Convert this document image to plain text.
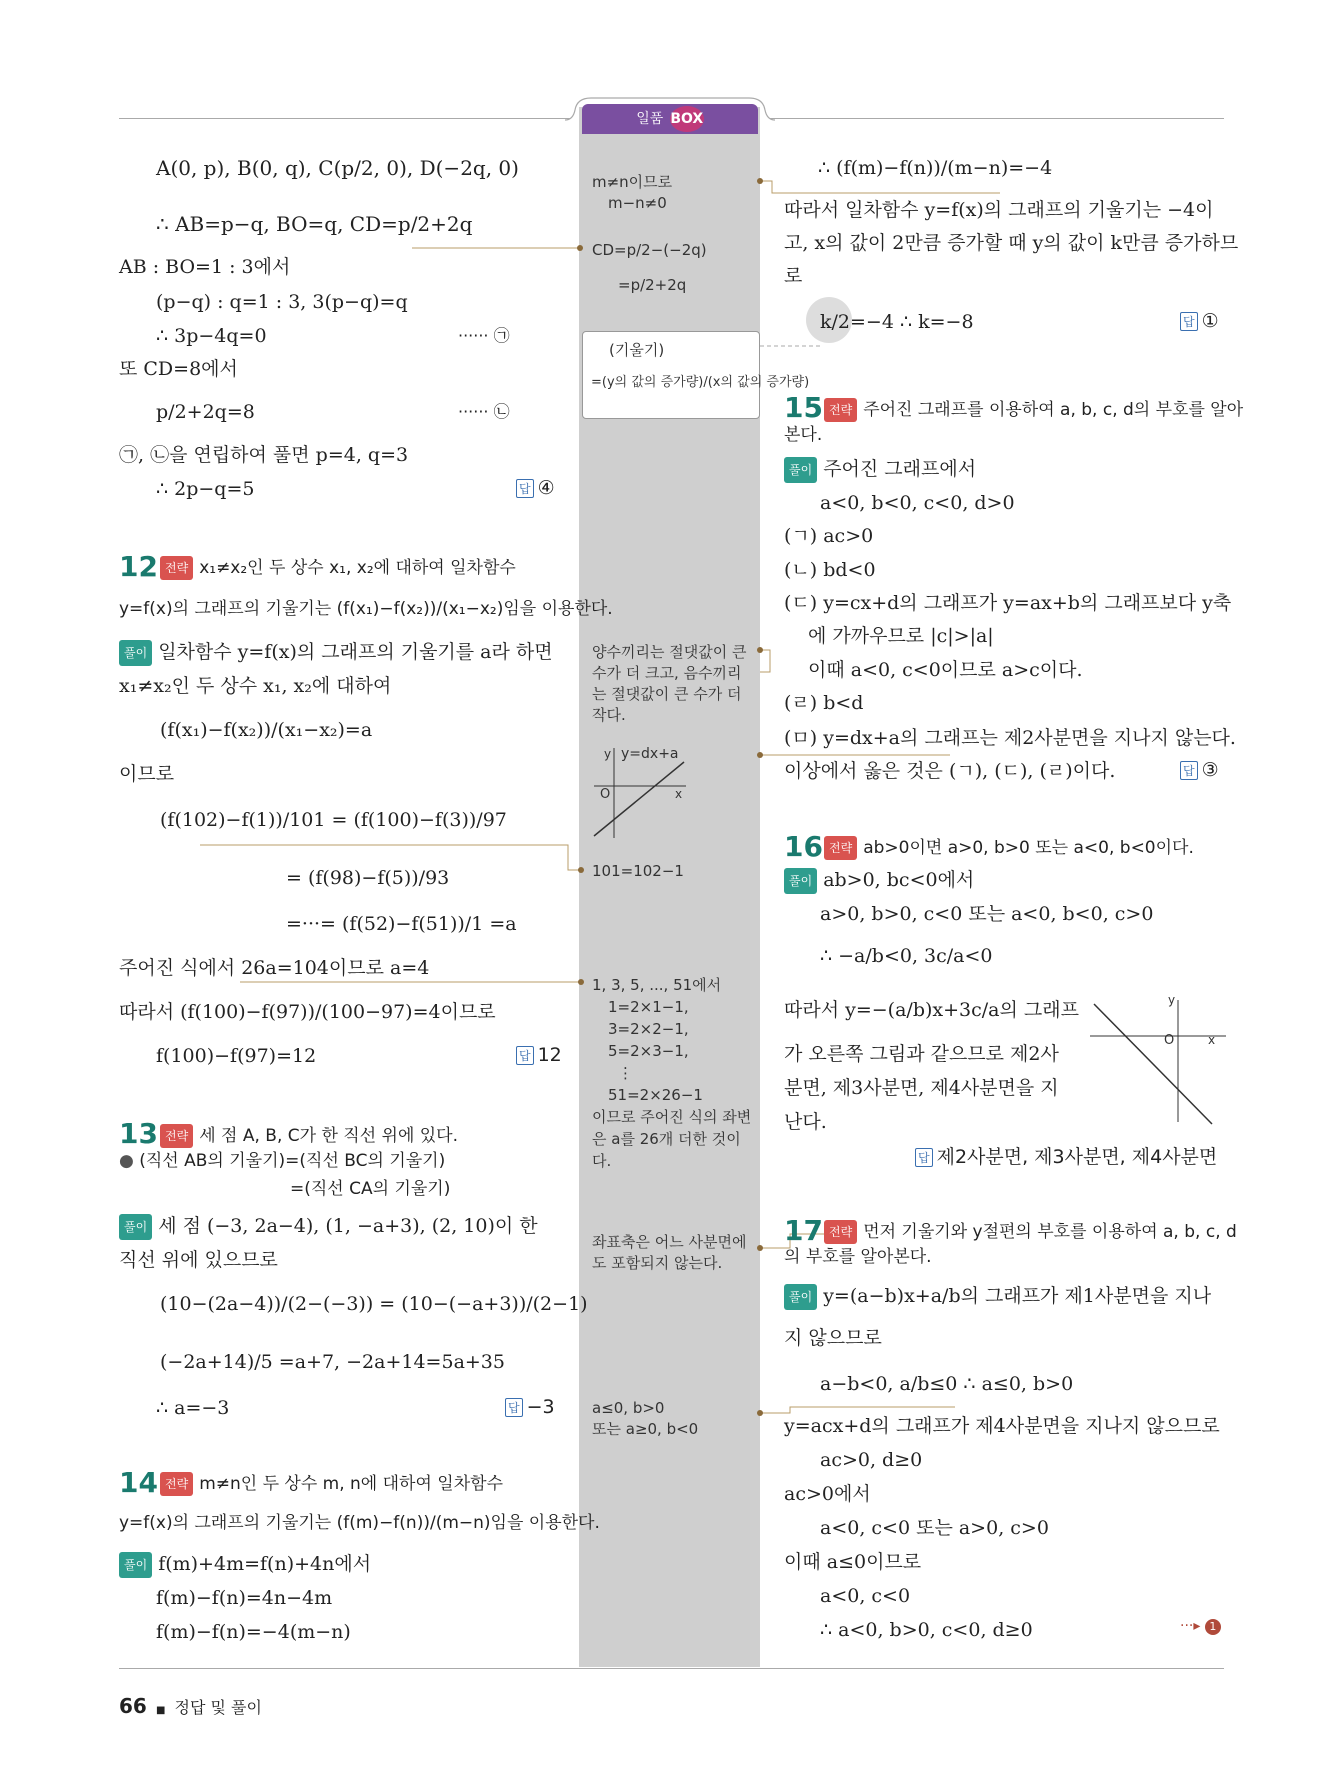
일품 BOX
A(0, p), B(0, q), C(p/2, 0), D(−2q, 0)
∴ AB=p−q, BO=q, CD=p/2+2q
AB : BO=1 : 3에서
(p−q) : q=1 : 3, 3(p−q)=q
∴ 3p−4q=0	······ ㉠
또 CD=8에서
p/2+2q=8	······ ㉡
㉠, ㉡을 연립하여 풀면 p=4, q=3
∴ 2p−q=5	답 ④
12 전략 x₁≠x₂인 두 상수 x₁, x₂에 대하여 일차함수
y=f(x)의 그래프의 기울기는 (f(x₁)−f(x₂))/(x₁−x₂)임을 이용한다.
풀이 일차함수 y=f(x)의 그래프의 기울기를 a라 하면
x₁≠x₂인 두 상수 x₁, x₂에 대하여
(f(x₁)−f(x₂))/(x₁−x₂)=a
이므로
(f(102)−f(1))/101 = (f(100)−f(3))/97
= (f(98)−f(5))/93
=···= (f(52)−f(51))/1 =a
주어진 식에서 26a=104이므로 a=4
따라서 (f(100)−f(97))/(100−97)=4이므로
f(100)−f(97)=12	답 12
13 전략 세 점 A, B, C가 한 직선 위에 있다.
● (직선 AB의 기울기)=(직선 BC의 기울기)
=(직선 CA의 기울기)
풀이 세 점 (−3, 2a−4), (1, −a+3), (2, 10)이 한
직선 위에 있으므로
(10−(2a−4))/(2−(−3)) = (10−(−a+3))/(2−1)
(−2a+14)/5 =a+7, −2a+14=5a+35
∴ a=−3	답 −3
14 전략 m≠n인 두 상수 m, n에 대하여 일차함수
y=f(x)의 그래프의 기울기는 (f(m)−f(n))/(m−n)임을 이용한다.
풀이 f(m)+4m=f(n)+4n에서
f(m)−f(n)=4n−4m
f(m)−f(n)=−4(m−n)
m≠n이므로
m−n≠0
CD=p/2−(−2q)
=p/2+2q
(기울기)
=(y의 값의 증가량)/(x의 값의 증가량)
양수끼리는 절댓값이 큰
수가 더 크고, 음수끼리
는 절댓값이 큰 수가 더
작다.
y y=dx+a
O	x
101=102−1
1, 3, 5, ..., 51에서
1=2×1−1,
3=2×2−1,
5=2×3−1,
⋮
51=2×26−1
이므로 주어진 식의 좌변
은 a를 26개 더한 것이
다.
좌표축은 어느 사분면에
도 포함되지 않는다.
a≤0, b>0
또는 a≥0, b<0
∴ (f(m)−f(n))/(m−n)=−4
따라서 일차함수 y=f(x)의 그래프의 기울기는 −4이
고, x의 값이 2만큼 증가할 때 y의 값이 k만큼 증가하므
로
k/2=−4 ∴ k=−8	답 ①
15 전략 주어진 그래프를 이용하여 a, b, c, d의 부호를 알아
본다.
풀이 주어진 그래프에서
a<0, b<0, c<0, d>0
(ㄱ) ac>0
(ㄴ) bd<0
(ㄷ) y=cx+d의 그래프가 y=ax+b의 그래프보다 y축
에 가까우므로 |c|>|a|
이때 a<0, c<0이므로 a>c이다.
(ㄹ) b<d
(ㅁ) y=dx+a의 그래프는 제2사분면을 지나지 않는다.
이상에서 옳은 것은 (ㄱ), (ㄷ), (ㄹ)이다.	답 ③
16 전략 ab>0이면 a>0, b>0 또는 a<0, b<0이다.
풀이 ab>0, bc<0에서
a>0, b>0, c<0 또는 a<0, b<0, c>0
∴ −a/b<0, 3c/a<0
따라서 y=−(a/b)x+3c/a의 그래프
가 오른쪽 그림과 같으므로 제2사
분면, 제3사분면, 제4사분면을 지
난다.
y
O	x
답 제2사분면, 제3사분면, 제4사분면
17 전략 먼저 기울기와 y절편의 부호를 이용하여 a, b, c, d
의 부호를 알아본다.
풀이 y=(a−b)x+a/b의 그래프가 제1사분면을 지나
지 않으므로
a−b<0, a/b≤0 ∴ a≤0, b>0
y=acx+d의 그래프가 제4사분면을 지나지 않으므로
ac>0, d≥0
ac>0에서
a<0, c<0 또는 a>0, c>0
이때 a≤0이므로
a<0, c<0
∴ a<0, b>0, c<0, d≥0	···▸ 1
66 ■ 정답 및 풀이
